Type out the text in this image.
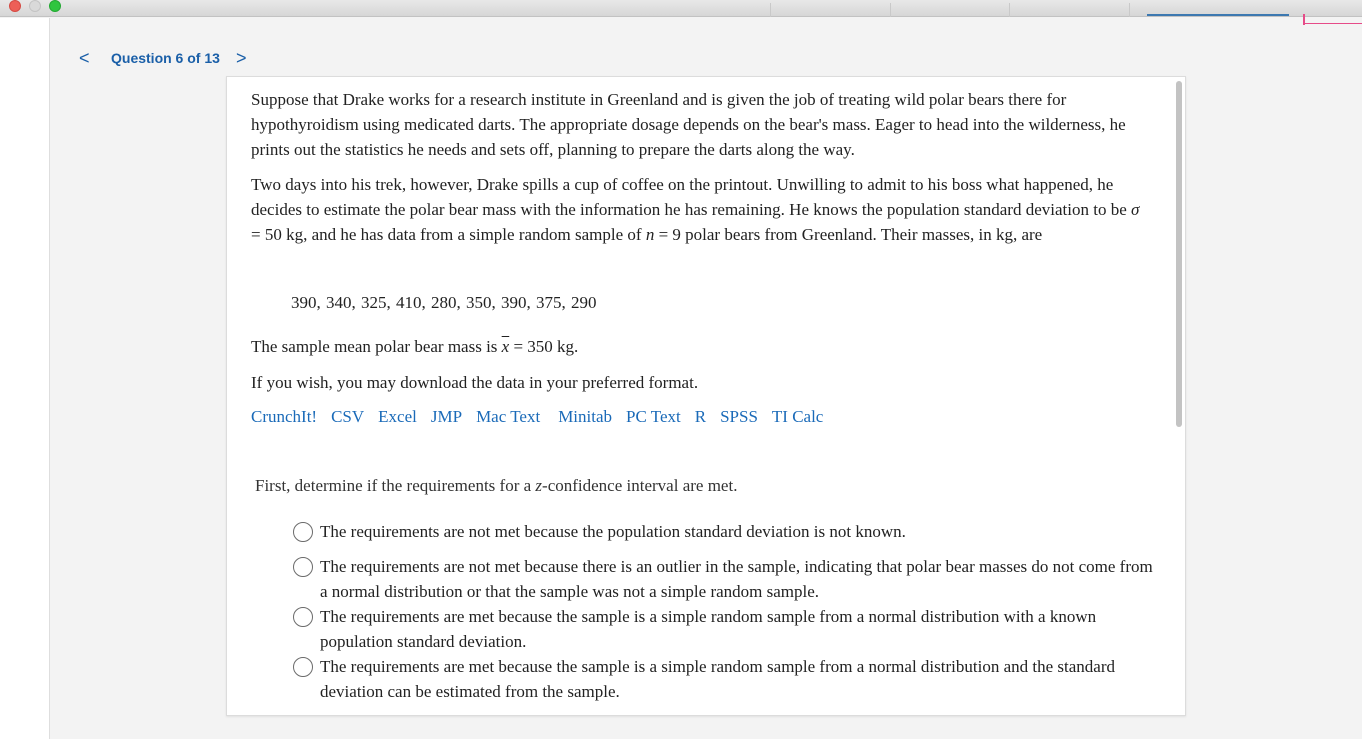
< Question 6 of 13 >

Suppose that Drake works for a research institute in Greenland and is given the job of treating wild polar bears there for hypothyroidism using medicated darts. The appropriate dosage depends on the bear's mass. Eager to head into the wilderness, he prints out the statistics he needs and sets off, planning to prepare the darts along the way.

Two days into his trek, however, Drake spills a cup of coffee on the printout. Unwilling to admit to his boss what happened, he decides to estimate the polar bear mass with the information he has remaining. He knows the population standard deviation to be σ = 50 kg, and he has data from a simple random sample of n = 9 polar bears from Greenland. Their masses, in kg, are

390, 340, 325, 410, 280, 350, 390, 375, 290

The sample mean polar bear mass is $\overline{x} = 350$ kg.

If you wish, you may download the data in your preferred format.

CrunchIt! CSV Excel JMP Mac Text Minitab PC Text R SPSS TI Calc

First, determine if the requirements for a z-confidence interval are met.

The requirements are not met because the population standard deviation is not known.
The requirements are not met because there is an outlier in the sample, indicating that polar bear masses do not come from a normal distribution or that the sample was not a simple random sample.
The requirements are met because the sample is a simple random sample from a normal distribution with a known population standard deviation.
The requirements are met because the sample is a simple random sample from a normal distribution and the standard deviation can be estimated from the sample.
